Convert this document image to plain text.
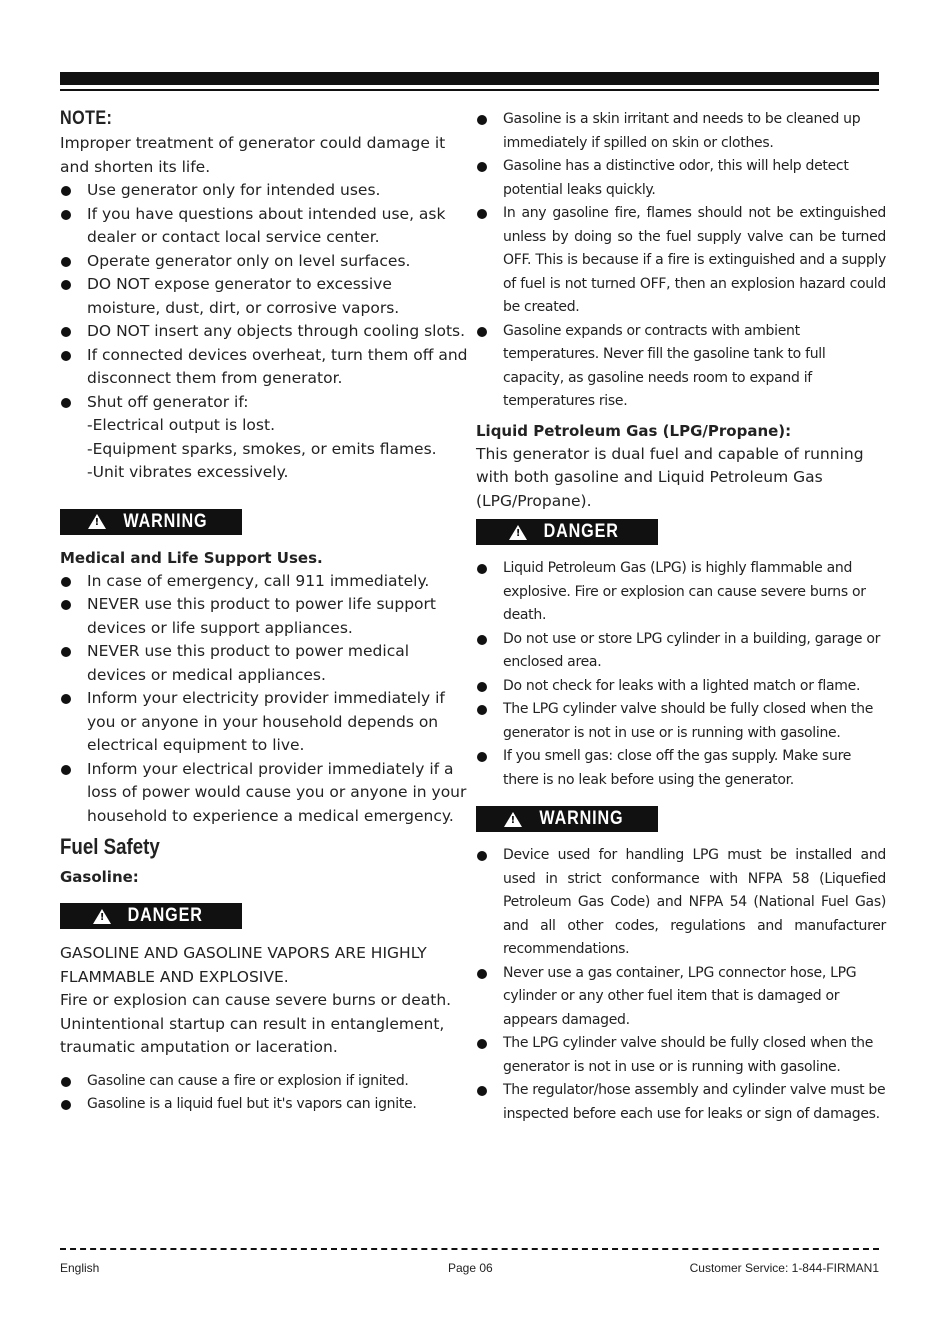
NOTE:

Improper treatment of generator could damage it and shorten its life.

Use generator only for intended uses.
If you have questions about intended use, ask dealer or contact local service center.
Operate generator only on level surfaces.
DO NOT expose generator to excessive moisture, dust, dirt, or corrosive vapors.
DO NOT insert any objects through cooling slots.
If connected devices overheat, turn them off and disconnect them from generator.
Shut off generator if:
-Electrical output is lost.
-Equipment sparks, smokes, or emits flames.
-Unit vibrates excessively.
! WARNING

Medical and Life Support Uses.

In case of emergency, call 911 immediately.
NEVER use this product to power life support devices or life support appliances.
NEVER use this product to power medical devices or medical appliances.
Inform your electricity provider immediately if you or anyone in your household depends on electrical equipment to live.
Inform your electrical provider immediately if a loss of power would cause you or anyone in your household to experience a medical emergency.
Fuel Safety

Gasoline:

! DANGER

GASOLINE AND GASOLINE VAPORS ARE HIGHLY FLAMMABLE AND EXPLOSIVE.

Fire or explosion can cause severe burns or death.

Unintentional startup can result in entanglement, traumatic amputation or laceration.

Gasoline can cause a fire or explosion if ignited.
Gasoline is a liquid fuel but it's vapors can ignite.
Gasoline is a skin irritant and needs to be cleaned up immediately if spilled on skin or clothes.
Gasoline has a distinctive odor, this will help detect potential leaks quickly.
In any gasoline fire, flames should not be extinguished unless by doing so the fuel supply valve can be turned OFF. This is because if a fire is extinguished and a supply of fuel is not turned OFF, then an explosion hazard could be created.
Gasoline expands or contracts with ambient temperatures. Never fill the gasoline tank to full capacity, as gasoline needs room to expand if temperatures rise.

Liquid Petroleum Gas (LPG/Propane):

This generator is dual fuel and capable of running with both gasoline and Liquid Petroleum Gas (LPG/Propane).

! DANGER
Liquid Petroleum Gas (LPG) is highly flammable and explosive. Fire or explosion can cause severe burns or death.
Do not use or store LPG cylinder in a building, garage or enclosed area.
Do not check for leaks with a lighted match or flame.
The LPG cylinder valve should be fully closed when the generator is not in use or is running with gasoline.
If you smell gas: close off the gas supply. Make sure there is no leak before using the generator.
! WARNING
Device used for handling LPG must be installed and used in strict conformance with NFPA 58 (Liquefied Petroleum Gas Code) and NFPA 54 (National Fuel Gas) and all other codes, regulations and manufacturer recommendations.
Never use a gas container, LPG connector hose, LPG cylinder or any other fuel item that is damaged or appears damaged.
The LPG cylinder valve should be fully closed when the generator is not in use or is running with gasoline.
The regulator/hose assembly and cylinder valve must be inspected before each use for leaks or sign of damages.
English	Page 06	Customer Service: 1-844-FIRMAN1
